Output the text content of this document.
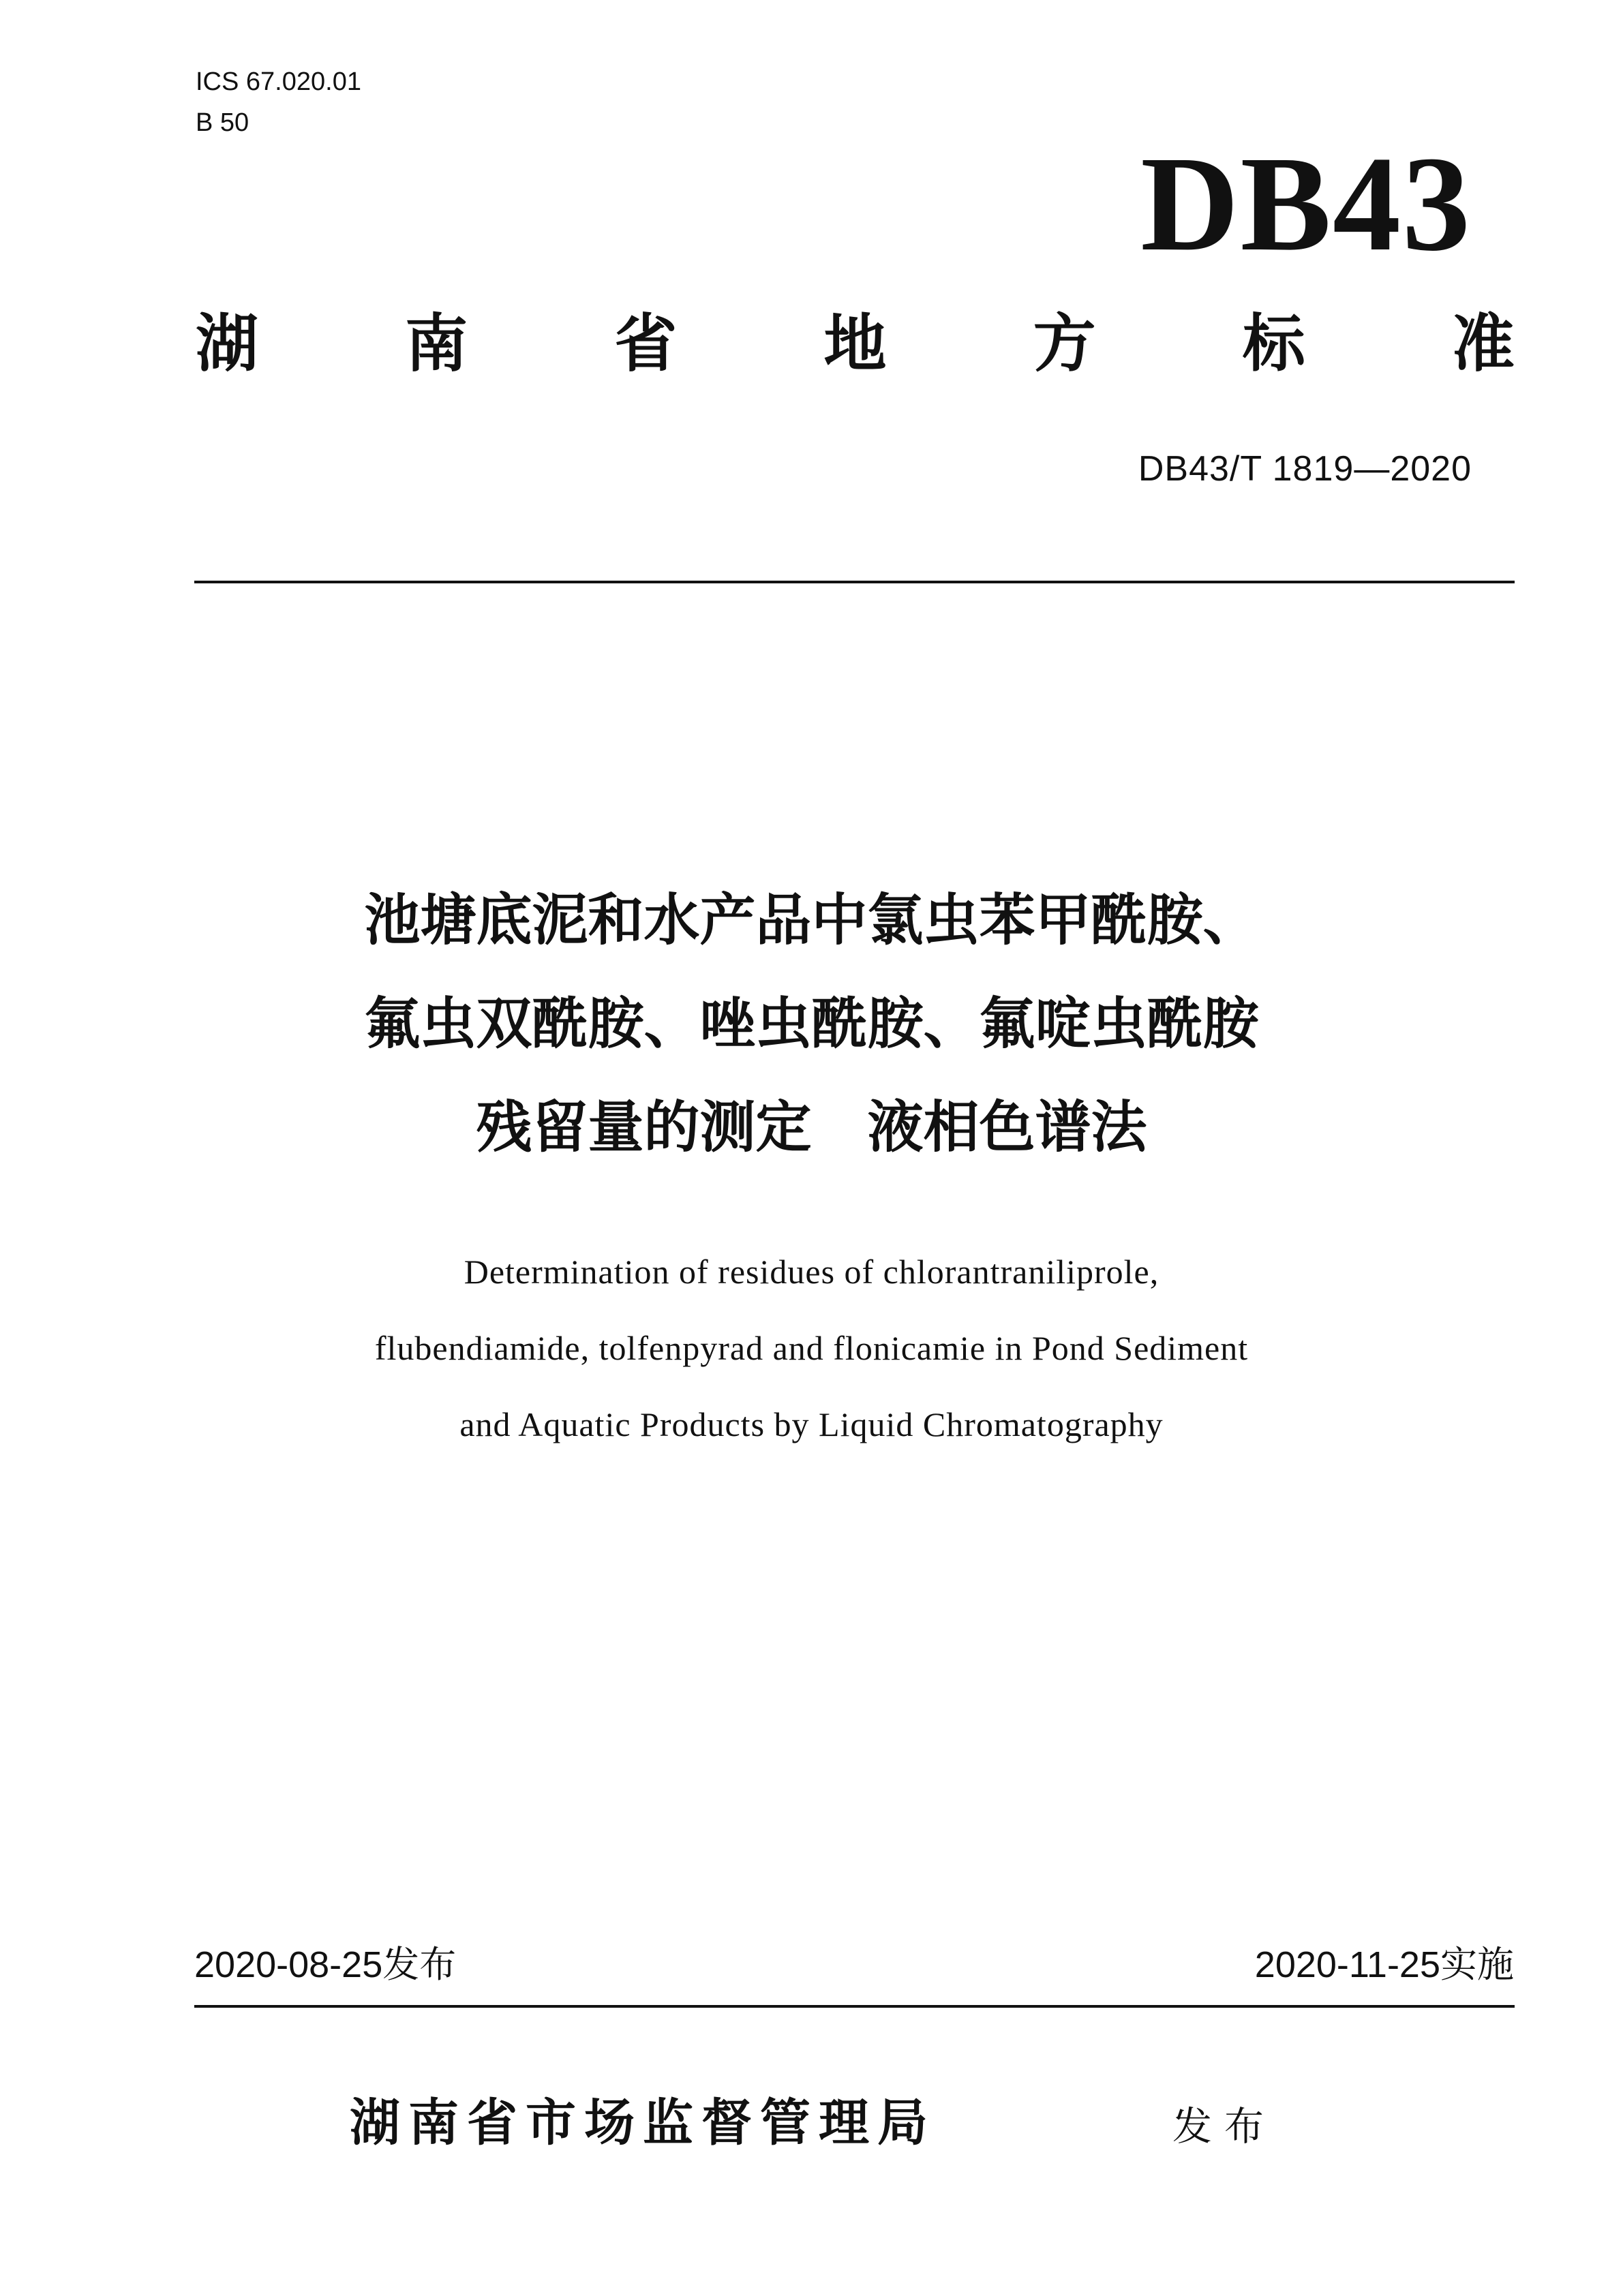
ICS 67.020.01
B 50
DB43
湖 南 省 地 方 标 准
DB43/T 1819—2020
池塘底泥和水产品中氯虫苯甲酰胺、
氟虫双酰胺、唑虫酰胺、氟啶虫酰胺
残留量的测定　液相色谱法
Determination of residues of chlorantraniliprole,
flubendiamide, tolfenpyrad and flonicamie in Pond Sediment
and Aquatic Products by Liquid Chromatography
2020-08-25发布	2020-11-25实施
湖南省市场监督管理局	发布
